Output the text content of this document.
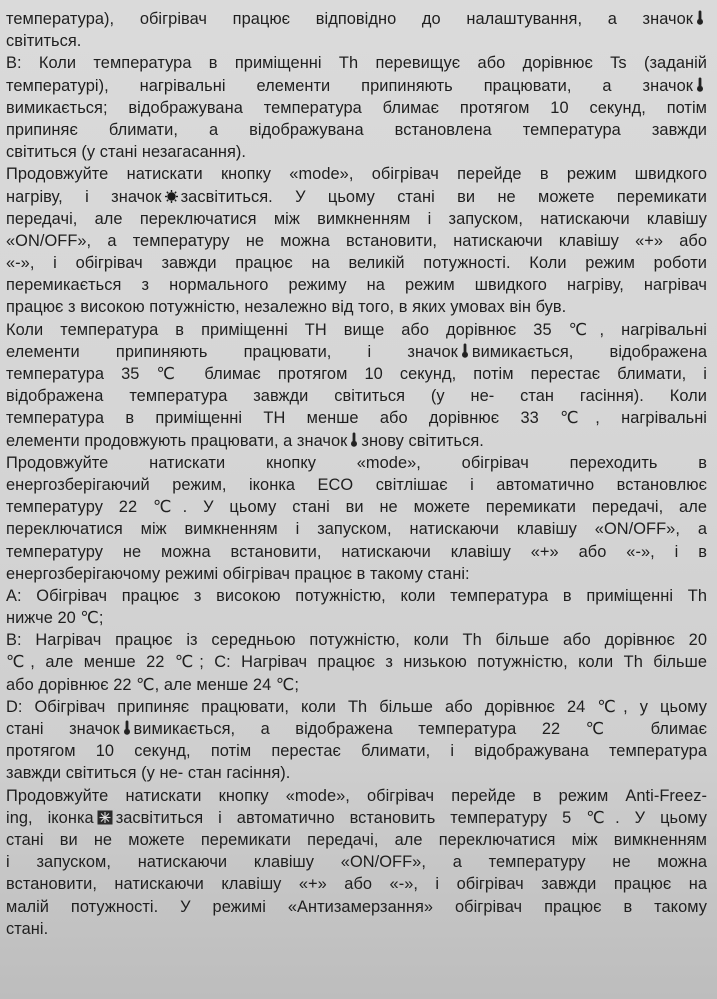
температура), обігрівач працює відповідно до налаштування, а значок
світиться.
B: Коли температура в приміщенні Th перевищує або дорівнює Ts (заданій
температурі), нагрівальні елементи припиняють працювати, а значок
вимикається; відображувана температура блимає протягом 10 секунд, потім
припиняє блимати, а відображувана встановлена температура завжди
світиться (у стані незагасання).
Продовжуйте натискати кнопку «mode», обігрівач перейде в режим швидкого
нагріву, і значок засвітиться. У цьому стані ви не можете перемикати
передачі, але переключатися між вимкненням і запуском, натискаючи клавішу
«ON/OFF», а температуру не можна встановити, натискаючи клавішу «+» або
«-», і обігрівач завжди працює на великій потужності. Коли режим роботи
перемикається з нормального режиму на режим швидкого нагріву, нагрівач
працює з високою потужністю, незалежно від того, в яких умовах він був.
Коли температура в приміщенні TH вище або дорівнює 35 ℃, нагрівальні
елементи припиняють працювати, і значок вимикається, відображена
температура 35 ℃ блимає протягом 10 секунд, потім перестає блимати, і
відображена температура завжди світиться (у не- стан гасіння). Коли
температура в приміщенні TH менше або дорівнює 33 ℃, нагрівальні
елементи продовжують працювати, а значок знову світиться.
Продовжуйте натискати кнопку «mode», обігрівач переходить в
енергозберігаючий режим, іконка ECO світлішає і автоматично встановлює
температуру 22 ℃. У цьому стані ви не можете перемикати передачі, але
переключатися між вимкненням і запуском, натискаючи клавішу «ON/OFF», а
температуру не можна встановити, натискаючи клавішу «+» або «-», і в
енергозберігаючому режимі обігрівач працює в такому стані:
A: Обігрівач працює з високою потужністю, коли температура в приміщенні Th
нижче 20 ℃;
B: Нагрівач працює із середньою потужністю, коли Th більше або дорівнює 20
℃, але менше 22 ℃; C: Нагрівач працює з низькою потужністю, коли Th більше
або дорівнює 22 ℃, але менше 24 ℃;
D: Обігрівач припиняє працювати, коли Th більше або дорівнює 24 ℃, у цьому
стані значок вимикається, а відображена температура 22 ℃ блимає
протягом 10 секунд, потім перестає блимати, і відображувана температура
завжди світиться (у не- стан гасіння).
Продовжуйте натискати кнопку «mode», обігрівач перейде в режим Anti-Freez-
ing, іконка засвітиться і автоматично встановить температуру 5 ℃. У цьому
стані ви не можете перемикати передачі, але переключатися між вимкненням
і запуском, натискаючи клавішу «ON/OFF», а температуру не можна
встановити, натискаючи клавішу «+» або «-», і обігрівач завжди працює на
малій потужності. У режимі «Антизамерзання» обігрівач працює в такому
стані.
